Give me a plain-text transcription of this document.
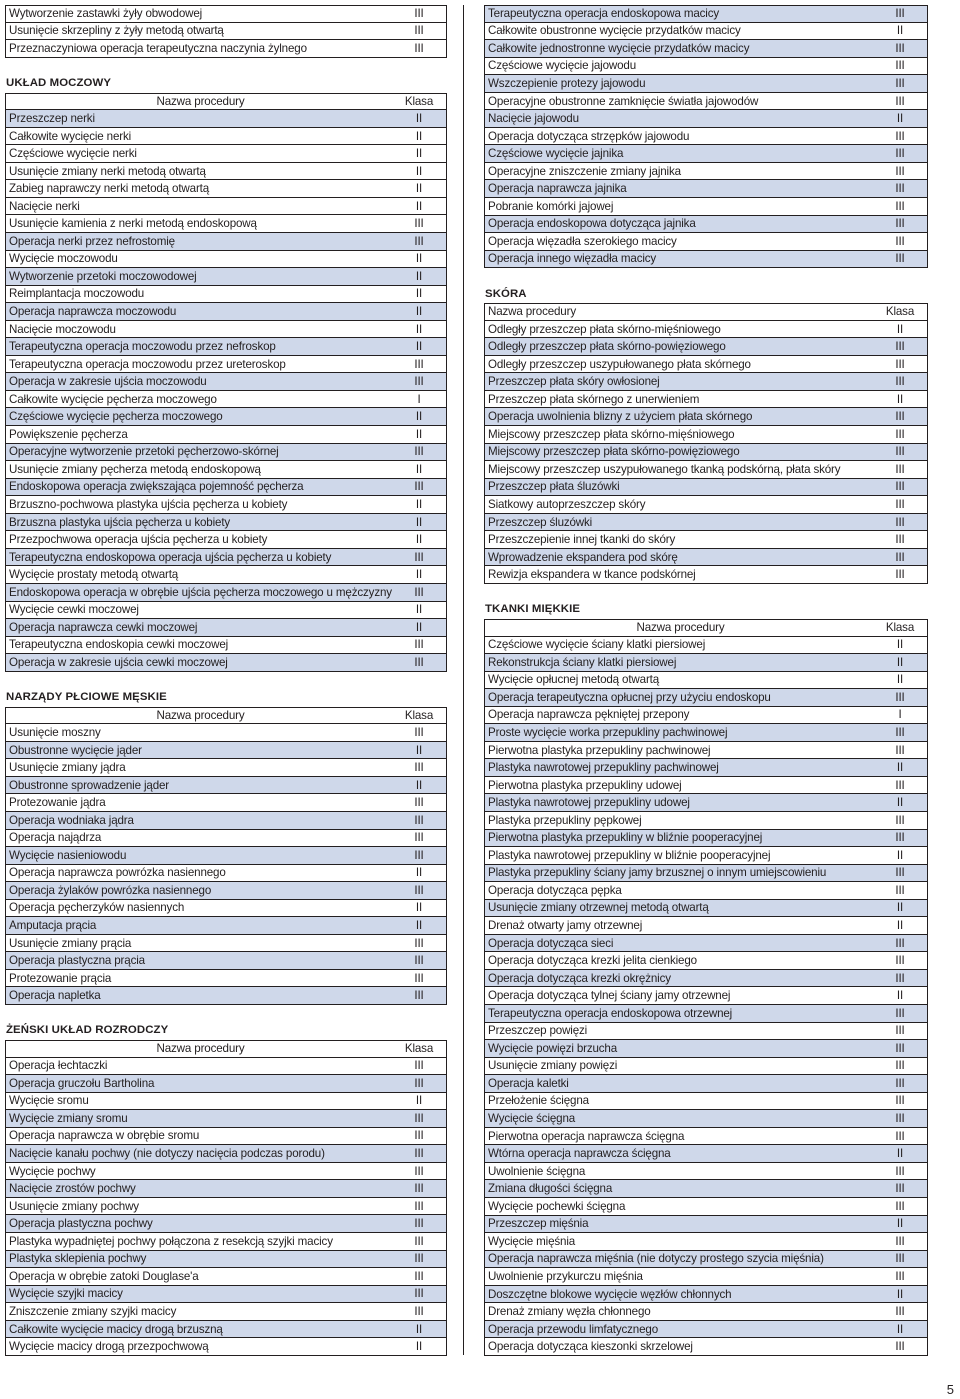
Wytworzenie zastawki żyły obwodowej	III
Usunięcie skrzepliny z żyły metodą otwartą	III
Przeznaczyniowa operacja terapeutyczna naczynia żylnego	III
UKŁAD MOCZOWY
Nazwa procedury	Klasa
Przeszczep nerki	II
Całkowite wycięcie nerki	II
Częściowe wycięcie nerki	II
Usunięcie zmiany nerki metodą otwartą	II
Zabieg naprawczy nerki metodą otwartą	II
Nacięcie nerki	II
Usunięcie kamienia z nerki metodą endoskopową	III
Operacja nerki przez nefrostomię	III
Wycięcie moczowodu	II
Wytworzenie przetoki moczowodowej	II
Reimplantacja moczowodu	II
Operacja naprawcza moczowodu	II
Nacięcie moczowodu	II
Terapeutyczna operacja moczowodu przez nefroskop	II
Terapeutyczna operacja moczowodu przez ureteroskop	III
Operacja w zakresie ujścia moczowodu	III
Całkowite wycięcie pęcherza moczowego	I
Częściowe wycięcie pęcherza moczowego	II
Powiększenie pęcherza	II
Operacyjne wytworzenie przetoki pęcherzowo-skórnej	III
Usunięcie zmiany pęcherza metodą endoskopową	II
Endoskopowa operacja zwiększająca pojemność pęcherza	III
Brzuszno-pochwowa plastyka ujścia pęcherza u kobiety	II
Brzuszna plastyka ujścia pęcherza u kobiety	II
Przezpochwowa operacja ujścia pęcherza u kobiety	II
Terapeutyczna endoskopowa operacja ujścia pęcherza u kobiety	III
Wycięcie prostaty metodą otwartą	II
Endoskopowa operacja w obrębie ujścia pęcherza moczowego u mężczyzny	III
Wycięcie cewki moczowej	II
Operacja naprawcza cewki moczowej	II
Terapeutyczna endoskopia cewki moczowej	III
Operacja w zakresie ujścia cewki moczowej	III
NARZĄDY PŁCIOWE MĘSKIE
Nazwa procedury	Klasa
Usunięcie moszny	III
Obustronne wycięcie jąder	II
Usunięcie zmiany jądra	III
Obustronne sprowadzenie jąder	II
Protezowanie jądra	III
Operacja wodniaka jądra	III
Operacja najądrza	III
Wycięcie nasieniowodu	III
Operacja naprawcza powrózka nasiennego	II
Operacja żylaków powrózka nasiennego	III
Operacja pęcherzyków nasiennych	II
Amputacja prącia	II
Usunięcie zmiany prącia	III
Operacja plastyczna prącia	III
Protezowanie prącia	III
Operacja napletka	III
ŻEŃSKI UKŁAD ROZRODCZY
Nazwa procedury	Klasa
Operacja łechtaczki	III
Operacja gruczołu Bartholina	III
Wycięcie sromu	II
Wycięcie zmiany sromu	III
Operacja naprawcza w obrębie sromu	III
Nacięcie kanału pochwy (nie dotyczy nacięcia podczas porodu)	III
Wycięcie pochwy	III
Nacięcie zrostów pochwy	III
Usunięcie zmiany pochwy	III
Operacja plastyczna pochwy	III
Plastyka wypadniętej pochwy połączona z resekcją szyjki macicy	III
Plastyka sklepienia pochwy	III
Operacja w obrębie zatoki Douglase'a	III
Wycięcie szyjki macicy	III
Zniszczenie zmiany szyjki macicy	III
Całkowite wycięcie macicy drogą brzuszną	II
Wycięcie macicy drogą przezpochwową	II
Terapeutyczna operacja endoskopowa macicy	III
Całkowite obustronne wycięcie przydatków macicy	II
Całkowite jednostronne wycięcie przydatków macicy	III
Częściowe wycięcie jajowodu	III
Wszczepienie protezy jajowodu	III
Operacyjne obustronne zamknięcie światła jajowodów	III
Nacięcie jajowodu	II
Operacja dotycząca strzępków jajowodu	III
Częściowe wycięcie jajnika	III
Operacyjne zniszczenie zmiany jajnika	III
Operacja naprawcza jajnika	III
Pobranie komórki jajowej	III
Operacja endoskopowa dotycząca jajnika	III
Operacja więzadła szerokiego macicy	III
Operacja innego więzadła macicy	III
SKÓRA
Nazwa procedury	Klasa
Odległy przeszczep płata skórno-mięśniowego	II
Odległy przeszczep płata skórno-powięziowego	III
Odległy przeszczep uszypułowanego płata skórnego	III
Przeszczep płata skóry owłosionej	III
Przeszczep płata skórnego z unerwieniem	II
Operacja uwolnienia blizny z użyciem płata skórnego	III
Miejscowy przeszczep płata skórno-mięśniowego	III
Miejscowy przeszczep płata skórno-powięziowego	III
Miejscowy przeszczep uszypułowanego tkanką podskórną, płata skóry	III
Przeszczep płata śluzówki	III
Siatkowy autoprzeszczep skóry	III
Przeszczep śluzówki	III
Przeszczepienie innej tkanki do skóry	III
Wprowadzenie ekspandera pod skórę	III
Rewizja ekspandera w tkance podskórnej	III
TKANKI MIĘKKIE
Nazwa procedury	Klasa
Częściowe wycięcie ściany klatki piersiowej	II
Rekonstrukcja ściany klatki piersiowej	II
Wycięcie opłucnej metodą otwartą	II
Operacja terapeutyczna opłucnej przy użyciu endoskopu	III
Operacja naprawcza pękniętej przepony	I
Proste wycięcie worka przepukliny pachwinowej	III
Pierwotna plastyka przepukliny pachwinowej	III
Plastyka nawrotowej przepukliny pachwinowej	II
Pierwotna plastyka przepukliny udowej	III
Plastyka nawrotowej przepukliny udowej	II
Plastyka przepukliny pępkowej	III
Pierwotna plastyka przepukliny w bliźnie pooperacyjnej	III
Plastyka nawrotowej przepukliny w bliźnie pooperacyjnej	II
Plastyka przepukliny ściany jamy brzusznej o innym umiejscowieniu	III
Operacja dotycząca pępka	III
Usunięcie zmiany otrzewnej metodą otwartą	II
Drenaż otwarty jamy otrzewnej	II
Operacja dotycząca sieci	III
Operacja dotycząca krezki jelita cienkiego	III
Operacja dotycząca krezki okrężnicy	III
Operacja dotycząca tylnej ściany jamy otrzewnej	II
Terapeutyczna operacja endoskopowa otrzewnej	III
Przeszczep powięzi	III
Wycięcie powięzi brzucha	III
Usunięcie zmiany powięzi	III
Operacja kaletki	III
Przełożenie ścięgna	III
Wycięcie ścięgna	III
Pierwotna operacja naprawcza ścięgna	III
Wtórna operacja naprawcza ścięgna	II
Uwolnienie ścięgna	III
Zmiana długości ścięgna	III
Wycięcie pochewki ścięgna	III
Przeszczep mięśnia	II
Wycięcie mięśnia	III
Operacja naprawcza mięśnia (nie dotyczy prostego szycia mięśnia)	III
Uwolnienie przykurczu mięśnia	III
Doszczętne blokowe wycięcie węzłów chłonnych	II
Drenaż zmiany węzła chłonnego	III
Operacja przewodu limfatycznego	II
Operacja dotycząca kieszonki skrzelowej	III
5
